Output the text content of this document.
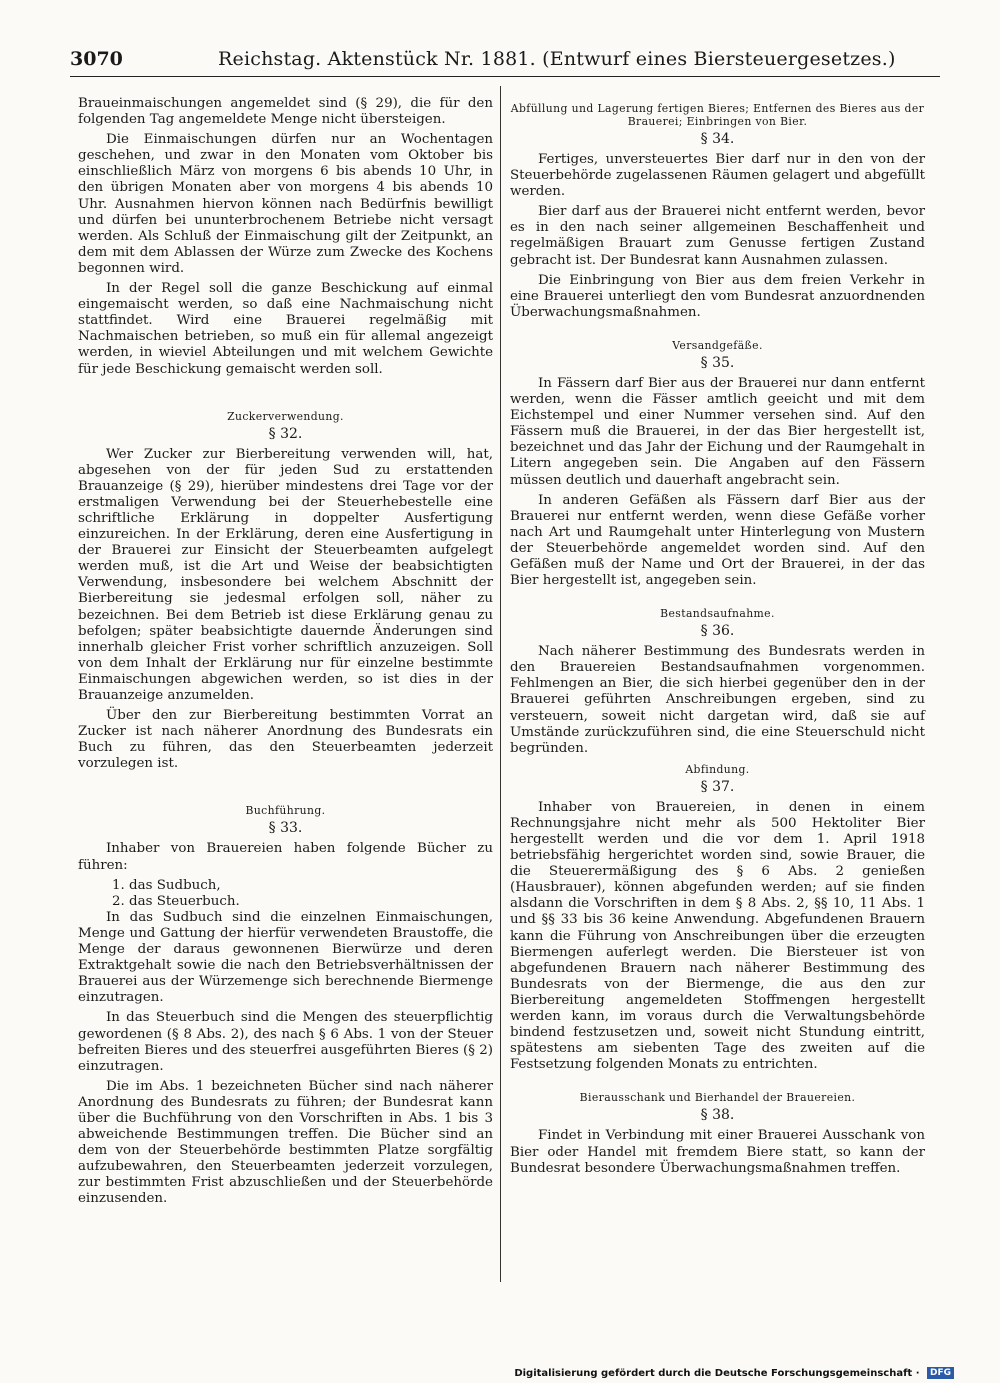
3070	Reichstag. Aktenstück Nr. 1881. (Entwurf eines Biersteuergesetzes.)

Braueinmaischungen angemeldet sind (§ 29), die für den folgenden Tag angemeldete Menge nicht übersteigen.

Die Einmaischungen dürfen nur an Wochentagen geschehen, und zwar in den Monaten vom Oktober bis einschließlich März von morgens 6 bis abends 10 Uhr, in den übrigen Monaten aber von morgens 4 bis abends 10 Uhr. Ausnahmen hiervon können nach Bedürfnis bewilligt und dürfen bei ununterbrochenem Betriebe nicht versagt werden. Als Schluß der Einmaischung gilt der Zeitpunkt, an dem mit dem Ablassen der Würze zum Zwecke des Kochens begonnen wird.

In der Regel soll die ganze Beschickung auf einmal eingemaischt werden, so daß eine Nachmaischung nicht stattfindet. Wird eine Brauerei regelmäßig mit Nachmaischen betrieben, so muß ein für allemal angezeigt werden, in wieviel Abteilungen und mit welchem Gewichte für jede Beschickung gemaischt werden soll.

Zuckerverwendung.
§ 32.

Wer Zucker zur Bierbereitung verwenden will, hat, abgesehen von der für jeden Sud zu erstattenden Brauanzeige (§ 29), hierüber mindestens drei Tage vor der erstmaligen Verwendung bei der Steuerhebestelle eine schriftliche Erklärung in doppelter Ausfertigung einzureichen. In der Erklärung, deren eine Ausfertigung in der Brauerei zur Einsicht der Steuerbeamten aufgelegt werden muß, ist die Art und Weise der beabsichtigten Verwendung, insbesondere bei welchem Abschnitt der Bierbereitung sie jedesmal erfolgen soll, näher zu bezeichnen. Bei dem Betrieb ist diese Erklärung genau zu befolgen; später beabsichtigte dauernde Änderungen sind innerhalb gleicher Frist vorher schriftlich anzuzeigen. Soll von dem Inhalt der Erklärung nur für einzelne bestimmte Einmaischungen abgewichen werden, so ist dies in der Brauanzeige anzumelden.

Über den zur Bierbereitung bestimmten Vorrat an Zucker ist nach näherer Anordnung des Bundesrats ein Buch zu führen, das den Steuerbeamten jederzeit vorzulegen ist.

Buchführung.
§ 33.

Inhaber von Brauereien haben folgende Bücher zu führen:

1. das Sudbuch,
2. das Steuerbuch.

In das Sudbuch sind die einzelnen Einmaischungen, Menge und Gattung der hierfür verwendeten Braustoffe, die Menge der daraus gewonnenen Bierwürze und deren Extraktgehalt sowie die nach den Betriebsverhältnissen der Brauerei aus der Würzemenge sich berechnende Biermenge einzutragen.

In das Steuerbuch sind die Mengen des steuerpflichtig gewordenen (§ 8 Abs. 2), des nach § 6 Abs. 1 von der Steuer befreiten Bieres und des steuerfrei ausgeführten Bieres (§ 2) einzutragen.

Die im Abs. 1 bezeichneten Bücher sind nach näherer Anordnung des Bundesrats zu führen; der Bundesrat kann über die Buchführung von den Vorschriften in Abs. 1 bis 3 abweichende Bestimmungen treffen. Die Bücher sind an dem von der Steuerbehörde bestimmten Platze sorgfältig aufzubewahren, den Steuerbeamten jederzeit vorzulegen, zur bestimmten Frist abzuschließen und der Steuerbehörde einzusenden.

Abfüllung und Lagerung fertigen Bieres; Entfernen des Bieres aus der Brauerei; Einbringen von Bier.
§ 34.

Fertiges, unversteuertes Bier darf nur in den von der Steuerbehörde zugelassenen Räumen gelagert und abgefüllt werden.

Bier darf aus der Brauerei nicht entfernt werden, bevor es in den nach seiner allgemeinen Beschaffenheit und regelmäßigen Brauart zum Genusse fertigen Zustand gebracht ist. Der Bundesrat kann Ausnahmen zulassen.

Die Einbringung von Bier aus dem freien Verkehr in eine Brauerei unterliegt den vom Bundesrat anzuordnenden Überwachungsmaßnahmen.

Versandgefäße.
§ 35.

In Fässern darf Bier aus der Brauerei nur dann entfernt werden, wenn die Fässer amtlich geeicht und mit dem Eichstempel und einer Nummer versehen sind. Auf den Fässern muß die Brauerei, in der das Bier hergestellt ist, bezeichnet und das Jahr der Eichung und der Raumgehalt in Litern angegeben sein. Die Angaben auf den Fässern müssen deutlich und dauerhaft angebracht sein.

In anderen Gefäßen als Fässern darf Bier aus der Brauerei nur entfernt werden, wenn diese Gefäße vorher nach Art und Raumgehalt unter Hinterlegung von Mustern der Steuerbehörde angemeldet worden sind. Auf den Gefäßen muß der Name und Ort der Brauerei, in der das Bier hergestellt ist, angegeben sein.

Bestandsaufnahme.
§ 36.

Nach näherer Bestimmung des Bundesrats werden in den Brauereien Bestandsaufnahmen vorgenommen. Fehlmengen an Bier, die sich hierbei gegenüber den in der Brauerei geführten Anschreibungen ergeben, sind zu versteuern, soweit nicht dargetan wird, daß sie auf Umstände zurückzuführen sind, die eine Steuerschuld nicht begründen.

Abfindung.
§ 37.

Inhaber von Brauereien, in denen in einem Rechnungsjahre nicht mehr als 500 Hektoliter Bier hergestellt werden und die vor dem 1. April 1918 betriebsfähig hergerichtet worden sind, sowie Brauer, die die Steuerermäßigung des § 6 Abs. 2 genießen (Hausbrauer), können abgefunden werden; auf sie finden alsdann die Vorschriften in dem § 8 Abs. 2, §§ 10, 11 Abs. 1 und §§ 33 bis 36 keine Anwendung. Abgefundenen Brauern kann die Führung von Anschreibungen über die erzeugten Biermengen auferlegt werden. Die Biersteuer ist von abgefundenen Brauern nach näherer Bestimmung des Bundesrats von der Biermenge, die aus den zur Bierbereitung angemeldeten Stoffmengen hergestellt werden kann, im voraus durch die Verwaltungsbehörde bindend festzusetzen und, soweit nicht Stundung eintritt, spätestens am siebenten Tage des zweiten auf die Festsetzung folgenden Monats zu entrichten.

Bierausschank und Bierhandel der Brauereien.
§ 38.

Findet in Verbindung mit einer Brauerei Ausschank von Bier oder Handel mit fremdem Biere statt, so kann der Bundesrat besondere Überwachungsmaßnahmen treffen.

Digitalisierung gefördert durch die Deutsche Forschungsgemeinschaft · DFG
